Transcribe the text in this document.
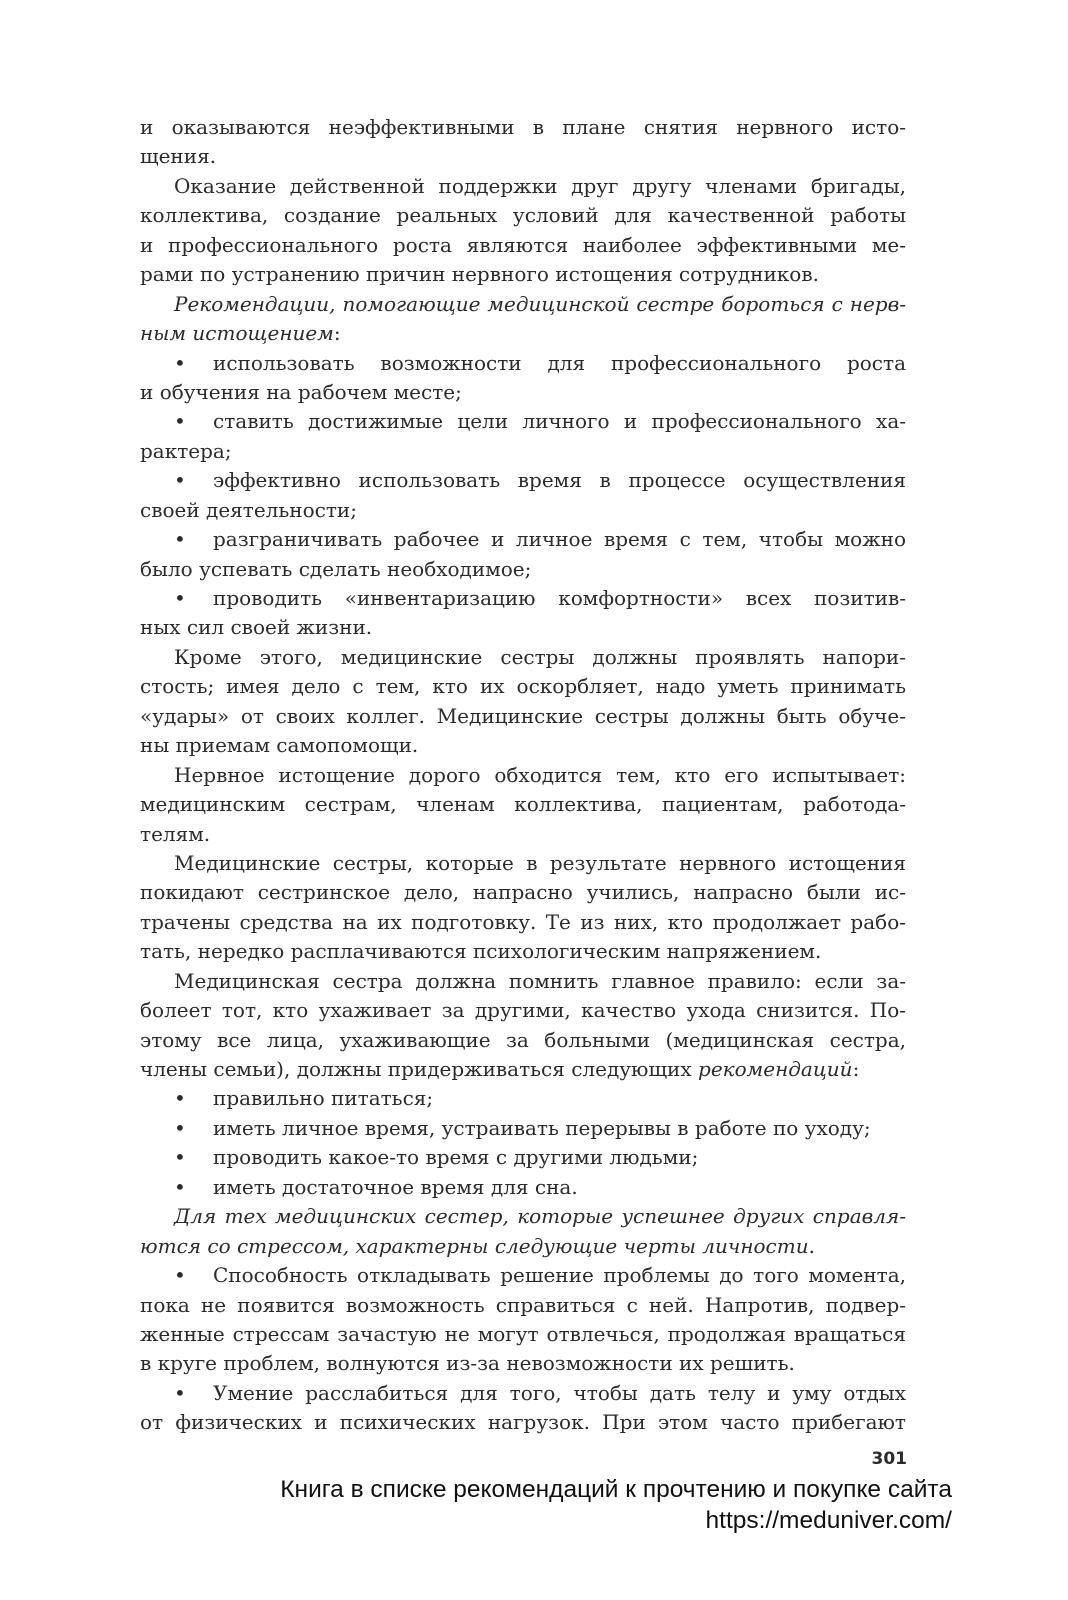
и оказываются неэффективными в плане снятия нервного исто-
щения.
Оказание действенной поддержки друг другу членами бригады,
коллектива, создание реальных условий для качественной работы
и профессионального роста являются наиболее эффективными ме-
рами по устранению причин нервного истощения сотрудников.
Рекомендации, помогающие медицинской сестре бороться с нерв-
ным истощением:
• использовать возможности для профессионального роста
и обучения на рабочем месте;
• ставить достижимые цели личного и профессионального ха-
рактера;
• эффективно использовать время в процессе осуществления
своей деятельности;
• разграничивать рабочее и личное время с тем, чтобы можно
было успевать сделать необходимое;
• проводить «инвентаризацию комфортности» всех позитив-
ных сил своей жизни.
Кроме этого, медицинские сестры должны проявлять напори-
стость; имея дело с тем, кто их оскорбляет, надо уметь принимать
«удары» от своих коллег. Медицинские сестры должны быть обуче-
ны приемам самопомощи.
Нервное истощение дорого обходится тем, кто его испытывает:
медицинским сестрам, членам коллектива, пациентам, работода-
телям.
Медицинские сестры, которые в результате нервного истощения
покидают сестринское дело, напрасно учились, напрасно были ис-
трачены средства на их подготовку. Те из них, кто продолжает рабо-
тать, нередко расплачиваются психологическим напряжением.
Медицинская сестра должна помнить главное правило: если за-
болеет тот, кто ухаживает за другими, качество ухода снизится. По-
этому все лица, ухаживающие за больными (медицинская сестра,
члены семьи), должны придерживаться следующих рекомендаций:
• правильно питаться;
• иметь личное время, устраивать перерывы в работе по уходу;
• проводить какое-то время с другими людьми;
• иметь достаточное время для сна.
Для тех медицинских сестер, которые успешнее других справля-
ются со стрессом, характерны следующие черты личности.
• Способность откладывать решение проблемы до того момента,
пока не появится возможность справиться с ней. Напротив, подвер-
женные стрессам зачастую не могут отвлечься, продолжая вращаться
в круге проблем, волнуются из-за невозможности их решить.
• Умение расслабиться для того, чтобы дать телу и уму отдых
от физических и психических нагрузок. При этом часто прибегают
301
Книга в списке рекомендаций к прочтению и покупке сайта https://meduniver.com/
